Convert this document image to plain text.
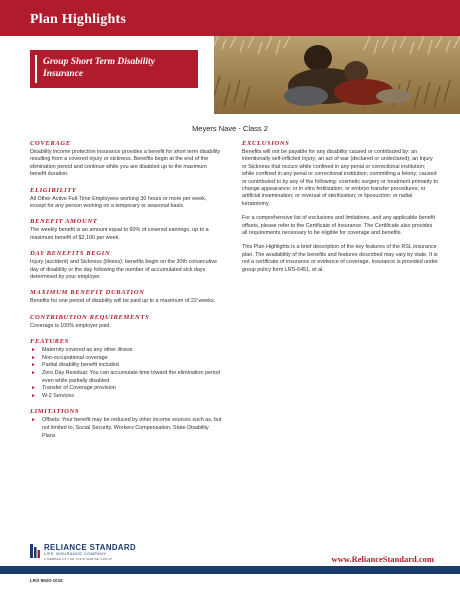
Plan Highlights
Group Short Term Disability Insurance
Meyers Nave - Class 2
COVERAGE
Disability income protection insurance provides a benefit for short term disability resulting from a covered injury or sickness. Benefits begin at the end of the elimination period and continue while you are disabled up to the maximum benefit duration.
ELIGIBILITY
All Other Active Full-Time Employees working 30 hours or more per week, except for any person working on a temporary or seasonal basis.
BENEFIT AMOUNT
The weekly benefit is an amount equal to 60% of covered earnings, up to a maximum benefit of $2,100 per week.
DAY BENEFITS BEGIN
Injury (accident) and Sickness (illness): benefits begin on the 30th consecutive day of disability or the day following the number of accumulated sick days determined by your employer.
MAXIMUM BENEFIT DURATION
Benefits for one period of disability will be paid up to a maximum of 22 weeks.
CONTRIBUTION REQUIREMENTS
Coverage is 100% employer paid.
FEATURES
► Maternity covered as any other illness
► Non-occupational coverage
► Partial disability benefit included
► Zero Day Residual: You can accumulate time toward the elimination period even while partially disabled
► Transfer of Coverage provision
► W-2 Services
LIMITATIONS
► Offsets: Your benefit may be reduced by other income sources such as, but not limited to, Social Security, Workers Compensation, State Disability Plans
EXCLUSIONS
Benefits will not be payable for any disability caused or contributed by: an intentionally self-inflicted Injury; an act of war (declared or undeclared); an Injury or Sickness that occurs while confined in any penal or correctional institution; while confined in any penal or correctional institution; committing a felony; caused or contributed to by any of the following: cosmetic surgery or treatment primarily to change appearance; or in vitro fertilization; or embryo transfer procedures; or artificial insemination; or reversal of sterilization; or liposuction; or radial keratotomy.
For a comprehensive list of exclusions and limitations, and any applicable benefit offsets, please refer to the Certificate of Insurance. The Certificate also provides all requirements necessary to be eligible for coverage and benefits.
This Plan Highlights is a brief description of the key features of the RSL insurance plan. The availability of the benefits and features described may vary by state. It is not a certificate of insurance or evidence of coverage. Insurance is provided under group policy form LRS-6451, et al.
RELIANCE STANDARD
LIFE INSURANCE COMPANY
A MEMBER OF THE TOKIO MARINE GROUP	www.RelianceStandard.com
LRS-9520-1015
